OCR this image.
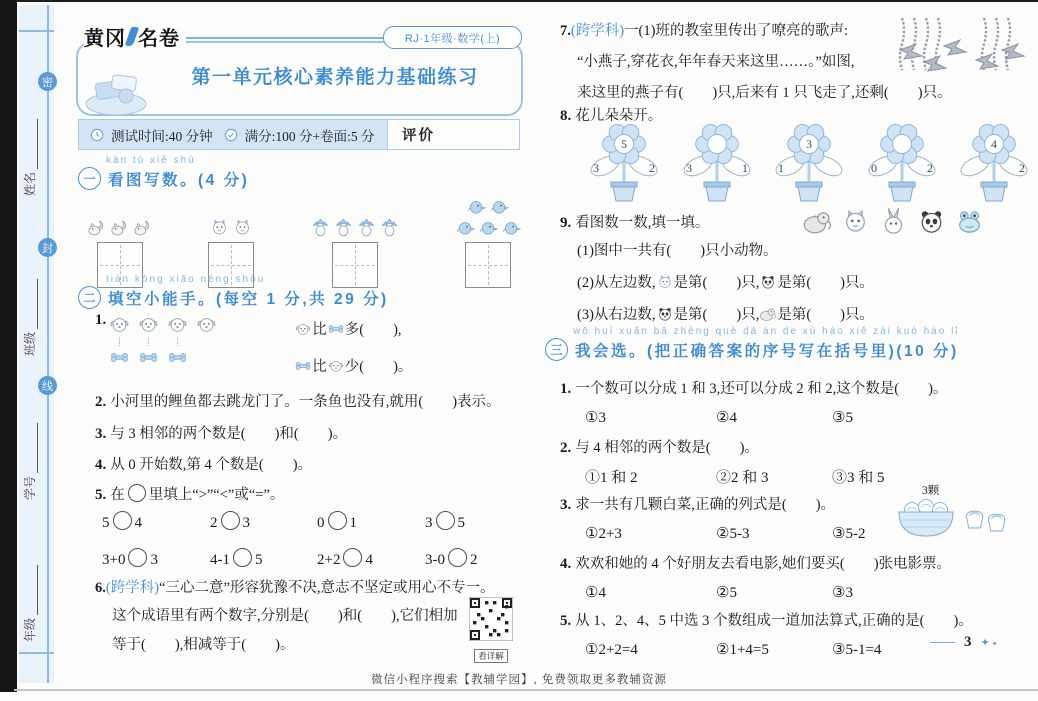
密
封
线
姓名
班级
学号
年级
黄冈 名卷	RJ·1年级·数学(上)
第一单元核心素养能力基础练习
测试时间:40 分钟 满分:100 分+卷面:5 分	评价
kàn tú xiě shù
一 看图写数。(4 分)
tián kòng xiǎo néng shǒu
二 填空小能手。(每空 1 分,共 29 分)
1.
比 多(　　),
比 少(　　)。
2. 小河里的鲤鱼都去跳龙门了。一条鱼也没有,就用(　　)表示。
3. 与 3 相邻的两个数是(　　)和(　　)。
4. 从 0 开始数,第 4 个数是(　　)。
5. 在 里填上“>”“<”或“=”。
5 4	2 3	0 1	3 5
3+0 3	4-1 5	2+2 4	3-0 2
6.(跨学科)“三心二意”形容犹豫不决,意志不坚定或用心不专一。
这个成语里有两个数字,分别是(　　)和(　　),它们相加
等于(　　),相减等于(　　)。
看详解
7.(跨学科)一(1)班的教室里传出了嘹亮的歌声:
“小燕子,穿花衣,年年春天来这里……。”如图,
来这里的燕子有(　　)只,后来有 1 只飞走了,还剩(　　)只。
8. 花儿朵朵开。
5
3	2	3	1
3
1	0	2
4
2
9. 看图数一数,填一填。
(1)图中一共有(　　)只小动物。
(2)从左边数, 是第(　　)只, 是第(　　)只。
(3)从右边数, 是第(　　)只, 是第(　　)只。
wǒ huì xuǎn bǎ zhèng què dá àn de xù hào xiě zài kuò hào lǐ
三 我会选。(把正确答案的序号写在括号里)(10 分)
1. 一个数可以分成 1 和 3,还可以分成 2 和 2,这个数是(　　)。
①3	②4	③5
2. 与 4 相邻的两个数是(　　)。
①1 和 2	②2 和 3	③3 和 5
3. 求一共有几颗白菜,正确的列式是(　　)。
3颗
①2+3	②5-3	③5-2
4. 欢欢和她的 4 个好朋友去看电影,她们要买(　　)张电影票。
①4	②5	③3
5. 从 1、2、4、5 中选 3 个数组成一道加法算式,正确的是(　　)。
①2+2=4	②1+4=5	③5-1=4	3 ✦✦
微信小程序搜索【教辅学园】, 免费领取更多教辅资源
